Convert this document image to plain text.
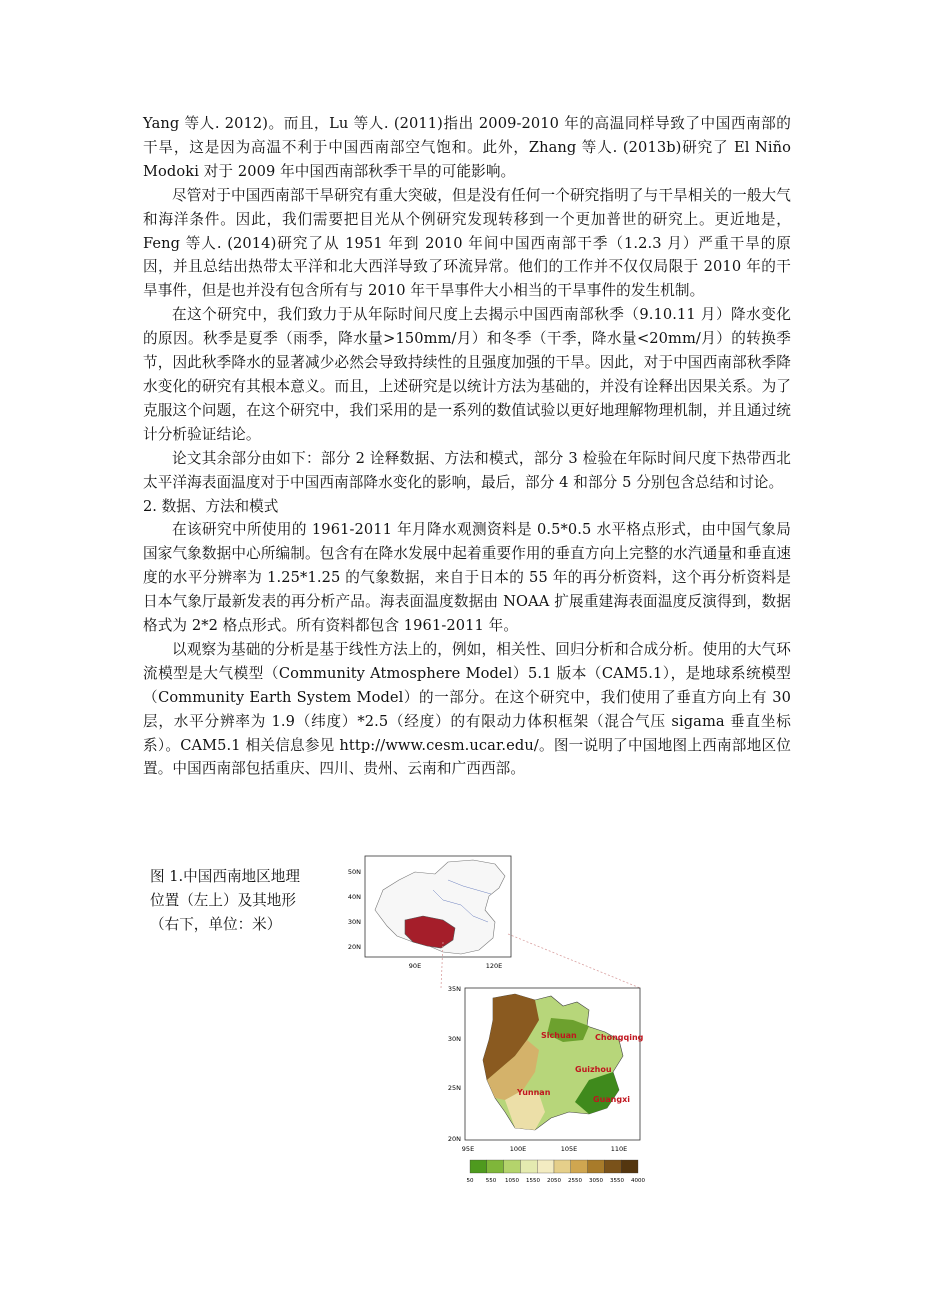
Yang 等人. 2012)。而且，Lu 等人. (2011)指出 2009-2010 年的高温同样导致了中国西南部的干旱，这是因为高温不利于中国西南部空气饱和。此外，Zhang 等人. (2013b)研究了 El Niño Modoki 对于 2009 年中国西南部秋季干旱的可能影响。

尽管对于中国西南部干旱研究有重大突破，但是没有任何一个研究指明了与干旱相关的一般大气和海洋条件。因此，我们需要把目光从个例研究发现转移到一个更加普世的研究上。更近地是，Feng 等人. (2014)研究了从 1951 年到 2010 年间中国西南部干季（1.2.3 月）严重干旱的原因，并且总结出热带太平洋和北大西洋导致了环流异常。他们的工作并不仅仅局限于 2010 年的干旱事件，但是也并没有包含所有与 2010 年干旱事件大小相当的干旱事件的发生机制。

在这个研究中，我们致力于从年际时间尺度上去揭示中国西南部秋季（9.10.11 月）降水变化的原因。秋季是夏季（雨季，降水量>150mm/月）和冬季（干季，降水量<20mm/月）的转换季节，因此秋季降水的显著减少必然会导致持续性的且强度加强的干旱。因此，对于中国西南部秋季降水变化的研究有其根本意义。而且，上述研究是以统计方法为基础的，并没有诠释出因果关系。为了克服这个问题，在这个研究中，我们采用的是一系列的数值试验以更好地理解物理机制，并且通过统计分析验证结论。

论文其余部分由如下：部分 2 诠释数据、方法和模式，部分 3 检验在年际时间尺度下热带西北太平洋海表面温度对于中国西南部降水变化的影响，最后，部分 4 和部分 5 分别包含总结和讨论。

2. 数据、方法和模式

在该研究中所使用的 1961-2011 年月降水观测资料是 0.5*0.5 水平格点形式，由中国气象局国家气象数据中心所编制。包含有在降水发展中起着重要作用的垂直方向上完整的水汽通量和垂直速度的水平分辨率为 1.25*1.25 的气象数据，来自于日本的 55 年的再分析资料，这个再分析资料是日本气象厅最新发表的再分析产品。海表面温度数据由 NOAA 扩展重建海表面温度反演得到，数据格式为 2*2 格点形式。所有资料都包含 1961-2011 年。

以观察为基础的分析是基于线性方法上的，例如，相关性、回归分析和合成分析。使用的大气环流模型是大气模型（Community Atmosphere Model）5.1 版本（CAM5.1），是地球系统模型（Community Earth System Model）的一部分。在这个研究中，我们使用了垂直方向上有 30 层，水平分辨率为 1.9（纬度）*2.5（经度）的有限动力体积框架（混合气压 sigama 垂直坐标系）。CAM5.1 相关信息参见 http://www.cesm.ucar.edu/。图一说明了中国地图上西南部地区位置。中国西南部包括重庆、四川、贵州、云南和广西西部。

图 1.中国西南地区地理位置（左上）及其地形（右下，单位：米）
50N
40N
30N
20N
90E	120E
Sichuan Chongqing
Guizhou
Yunnan
Guangxi
35N
30N
25N
20N
95E	100E	105E	110E
50 550 1050 1550 2050 2550 3050 3550 4000
